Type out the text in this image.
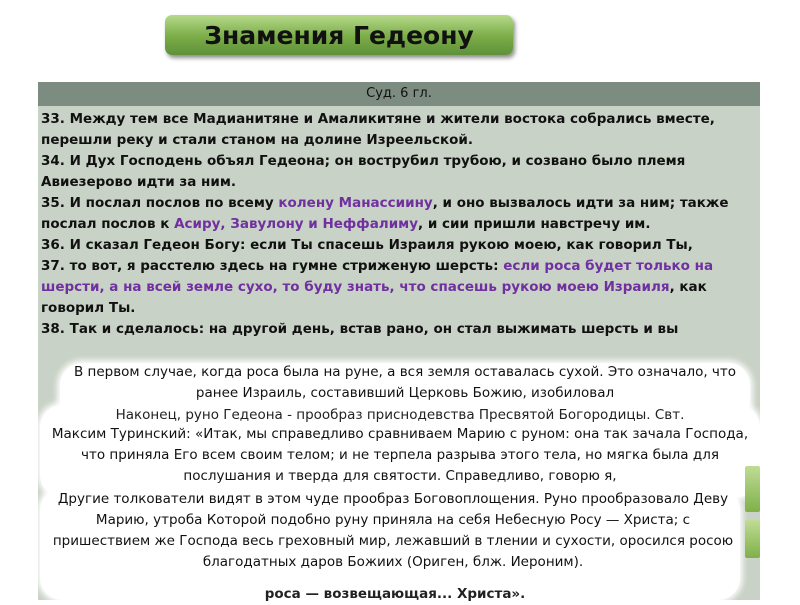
Знамения Гедеону
Суд. 6 гл.

33. Между тем все Мадианитяне и Амаликитяне и жители востока собрались вместе, перешли реку и стали станом на долине Изреельской.

34. И Дух Господень объял Гедеона; он вострубил трубою, и созвано было племя Авиезерово идти за ним.

35. И послал послов по всему колену Манассиину, и оно вызвалось идти за ним; также послал послов к Асиру, Завулону и Неффалиму, и сии пришли навстречу им.

36. И сказал Гедеон Богу: если Ты спасешь Израиля рукою моею, как говорил Ты,

37. то вот, я расстелю здесь на гумне стриженую шерсть: если роса будет только на шерсти, а на всей земле сухо, то буду знать, что спасешь рукою моею Израиля, как говорил Ты.

38. Так и сделалось: на другой день, встав рано, он стал выжимать шерсть и вы

В первом случае, когда роса была на руне, а вся земля оставалась сухой. Это означало, что ранее Израиль, составивший Церковь Божию, изобиловал
Наконец, руно Гедеона - прообраз приснодевства Пресвятой Богородицы. Свт.
Максим Туринский: «Итак, мы справедливо сравниваем Марию с руном: она так зачала Господа, что приняла Его всем своим телом; и не терпела разрыва этого тела, но мягка была для послушания и тверда для святости. Справедливо, говорю я,
Другие толкователи видят в этом чуде прообраз Боговоплощения. Руно прообразовало Деву Марию, утроба Которой подобно руну приняла на себя Небесную Росу — Христа; с пришествием же Господа весь греховный мир, лежавший в тлении и сухости, оросился росою благодатных даров Божиих (Ориген, блж. Иероним).
роса — возвещающая... Христа».
